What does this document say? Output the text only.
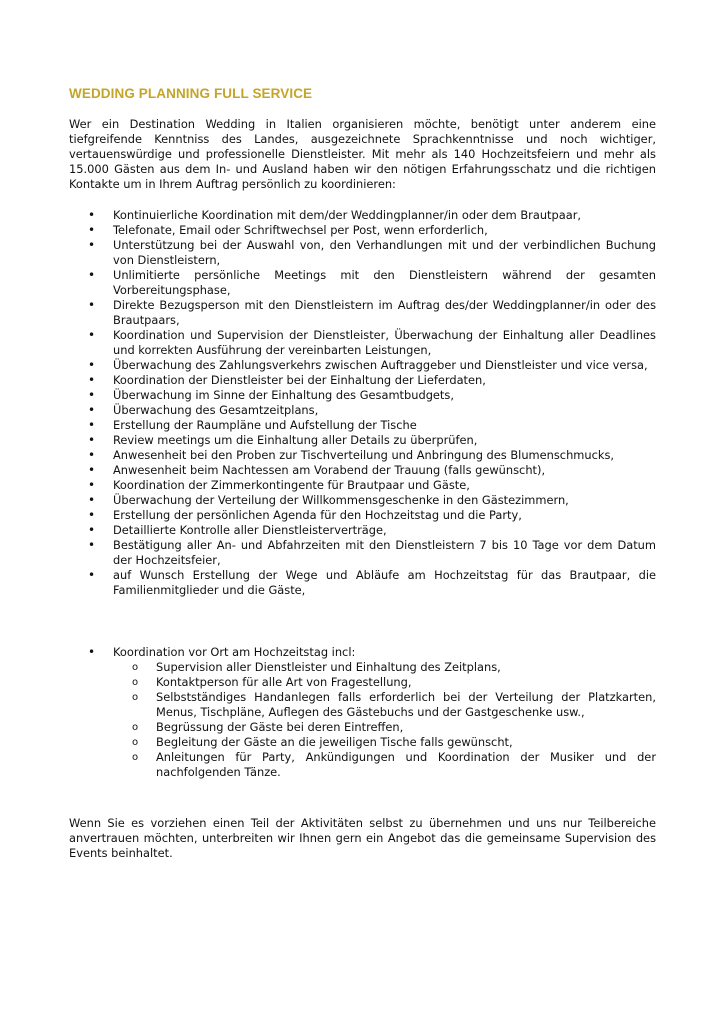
WEDDING PLANNING FULL SERVICE

Wer ein Destination Wedding in Italien organisieren möchte, benötigt unter anderem eine tiefgreifende Kenntniss des Landes, ausgezeichnete Sprachkenntnisse und noch wichtiger, vertauenswürdige und professionelle Dienstleister. Mit mehr als 140 Hochzeitsfeiern und mehr als 15.000 Gästen aus dem In- und Ausland haben wir den nötigen Erfahrungsschatz und die richtigen Kontakte um in Ihrem Auftrag persönlich zu koordinieren:

• Kontinuierliche Koordination mit dem/der Weddingplanner/in oder dem Brautpaar,
• Telefonate, Email oder Schriftwechsel per Post, wenn erforderlich,
• Unterstützung bei der Auswahl von, den Verhandlungen mit und der verbindlichen Buchung von Dienstleistern,
• Unlimitierte persönliche Meetings mit den Dienstleistern während der gesamten Vorbereitungsphase,
• Direkte Bezugsperson mit den Dienstleistern im Auftrag des/der Weddingplanner/in oder des Brautpaars,
• Koordination und Supervision der Dienstleister, Überwachung der Einhaltung aller Deadlines und korrekten Ausführung der vereinbarten Leistungen,
• Überwachung des Zahlungsverkehrs zwischen Auftraggeber und Dienstleister und vice versa,
• Koordination der Dienstleister bei der Einhaltung der Lieferdaten,
• Überwachung im Sinne der Einhaltung des Gesamtbudgets,
• Überwachung des Gesamtzeitplans,
• Erstellung der Raumpläne und Aufstellung der Tische
• Review meetings um die Einhaltung aller Details zu überprüfen,
• Anwesenheit bei den Proben zur Tischverteilung und Anbringung des Blumenschmucks,
• Anwesenheit beim Nachtessen am Vorabend der Trauung (falls gewünscht),
• Koordination der Zimmerkontingente für Brautpaar und Gäste,
• Überwachung der Verteilung der Willkommensgeschenke in den Gästezimmern,
• Erstellung der persönlichen Agenda für den Hochzeitstag und die Party,
• Detaillierte Kontrolle aller Dienstleisterverträge,
• Bestätigung aller An- und Abfahrzeiten mit den Dienstleistern 7 bis 10 Tage vor dem Datum der Hochzeitsfeier,
• auf Wunsch Erstellung der Wege und Abläufe am Hochzeitstag für das Brautpaar, die Familienmitglieder und die Gäste,
• Koordination vor Ort am Hochzeitstag incl:
o Supervision aller Dienstleister und Einhaltung des Zeitplans,
o Kontaktperson für alle Art von Fragestellung,
o Selbstständiges Handanlegen falls erforderlich bei der Verteilung der Platzkarten, Menus, Tischpläne, Auflegen des Gästebuchs und der Gastgeschenke usw.,
o Begrüssung der Gäste bei deren Eintreffen,
o Begleitung der Gäste an die jeweiligen Tische falls gewünscht,
o Anleitungen für Party, Ankündigungen und Koordination der Musiker und der nachfolgenden Tänze.

Wenn Sie es vorziehen einen Teil der Aktivitäten selbst zu übernehmen und uns nur Teilbereiche anvertrauen möchten, unterbreiten wir Ihnen gern ein Angebot das die gemeinsame Supervision des Events beinhaltet.
